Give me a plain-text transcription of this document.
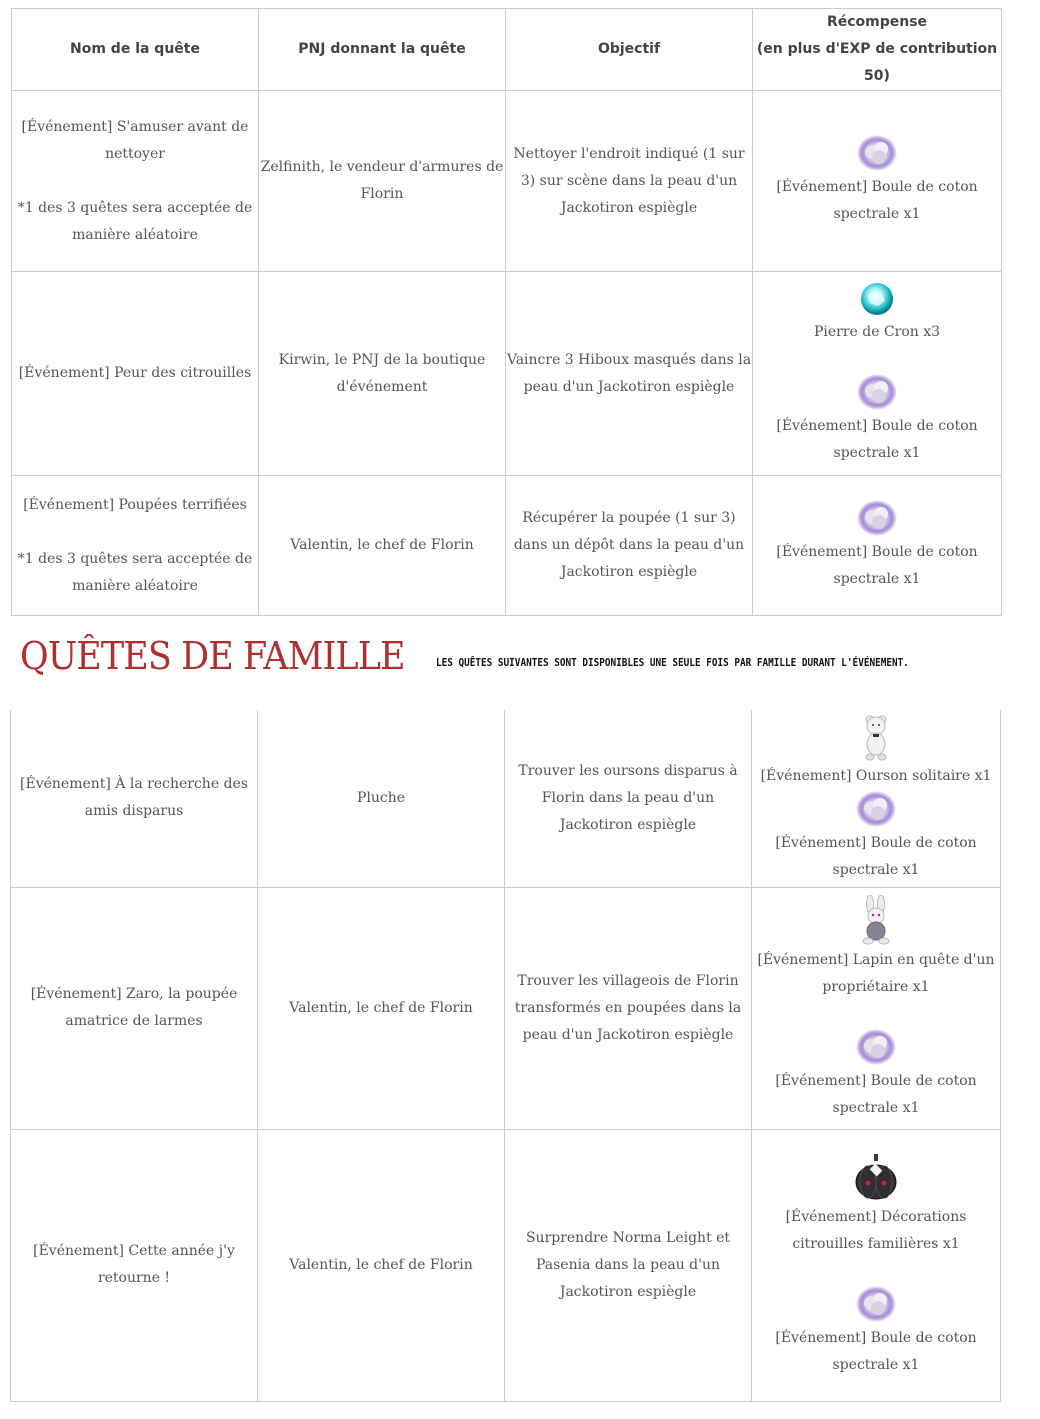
Nom de la quête	PNJ donnant la quête	Objectif	Récompense
(en plus d'EXP de contribution 50)

[Événement] S'amuser avant de nettoyer
*1 des 3 quêtes sera acceptée de manière aléatoire	Zelfinith, le vendeur d'armures de Florin	Nettoyer l'endroit indiqué (1 sur 3) sur scène dans la peau d'un Jackotiron espiègle	[Événement] Boule de coton spectrale x1

[Événement] Peur des citrouilles	Kirwin, le PNJ de la boutique d'événement	Vaincre 3 Hiboux masqués dans la peau d'un Jackotiron espiègle	Pierre de Cron x3
[Événement] Boule de coton spectrale x1

[Événement] Poupées terrifiées
*1 des 3 quêtes sera acceptée de manière aléatoire	Valentin, le chef de Florin	Récupérer la poupée (1 sur 3) dans un dépôt dans la peau d'un Jackotiron espiègle	[Événement] Boule de coton spectrale x1
QUÊTES DE FAMILLE	LES QUÊTES SUIVANTES SONT DISPONIBLES UNE SEULE FOIS PAR FAMILLE DURANT L'ÉVÉNEMENT.
[Événement] À la recherche des amis disparus	Pluche	Trouver les oursons disparus à Florin dans la peau d'un Jackotiron espiègle	[Événement] Ourson solitaire x1
[Événement] Boule de coton spectrale x1

[Événement] Zaro, la poupée amatrice de larmes	Valentin, le chef de Florin	Trouver les villageois de Florin transformés en poupées dans la peau d'un Jackotiron espiègle	[Événement] Lapin en quête d'un propriétaire x1
[Événement] Boule de coton spectrale x1

[Événement] Cette année j'y retourne !	Valentin, le chef de Florin	Surprendre Norma Leight et Pasenia dans la peau d'un Jackotiron espiègle	[Événement] Décorations citrouilles familières x1
[Événement] Boule de coton spectrale x1
